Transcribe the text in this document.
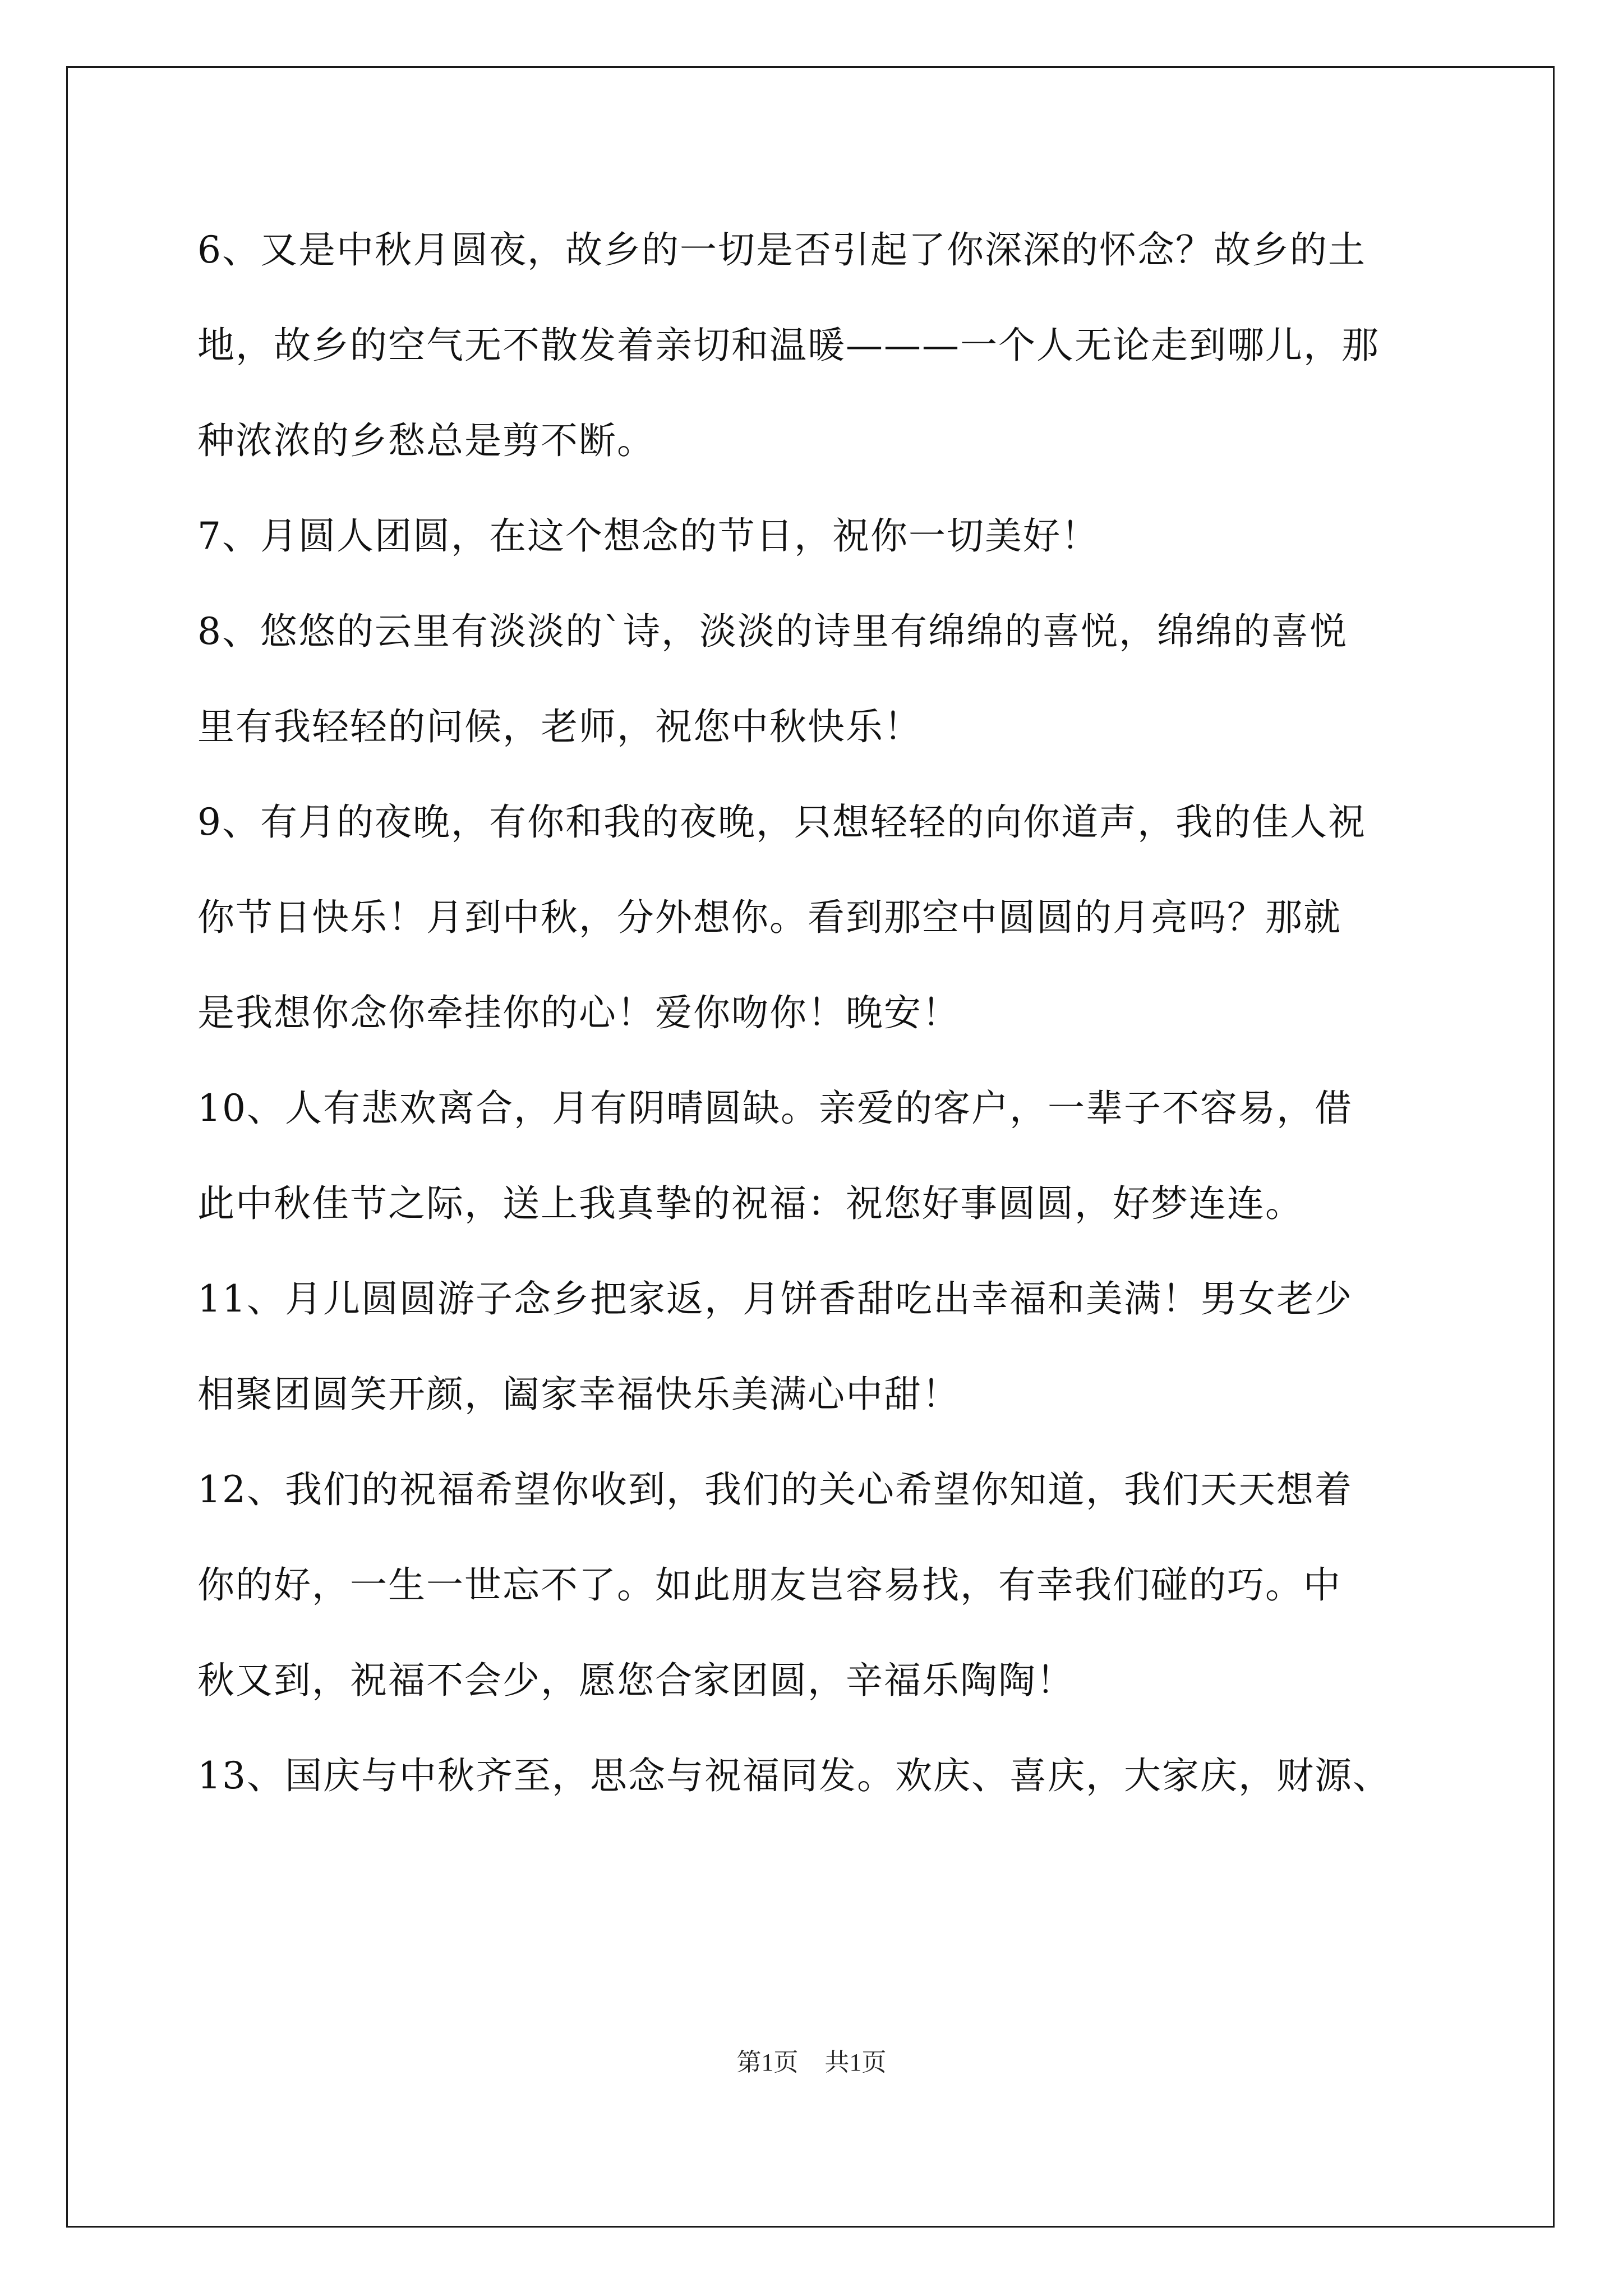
6、又是中秋月圆夜，故乡的一切是否引起了你深深的怀念？故乡的土
地，故乡的空气无不散发着亲切和温暖———一个人无论走到哪儿，那
种浓浓的乡愁总是剪不断。
7、月圆人团圆，在这个想念的节日，祝你一切美好！
8、悠悠的云里有淡淡的`诗，淡淡的诗里有绵绵的喜悦，绵绵的喜悦
里有我轻轻的问候，老师，祝您中秋快乐！
9、有月的夜晚，有你和我的夜晚，只想轻轻的向你道声，我的佳人祝
你节日快乐！月到中秋，分外想你。看到那空中圆圆的月亮吗？那就
是我想你念你牵挂你的心！爱你吻你！晚安！
10、人有悲欢离合，月有阴晴圆缺。亲爱的客户，一辈子不容易，借
此中秋佳节之际，送上我真挚的祝福：祝您好事圆圆，好梦连连。
11、月儿圆圆游子念乡把家返，月饼香甜吃出幸福和美满！男女老少
相聚团圆笑开颜，阖家幸福快乐美满心中甜！
12、我们的祝福希望你收到，我们的关心希望你知道，我们天天想着
你的好，一生一世忘不了。如此朋友岂容易找，有幸我们碰的巧。中
秋又到，祝福不会少，愿您合家团圆，辛福乐陶陶！
13、国庆与中秋齐至，思念与祝福同发。欢庆、喜庆，大家庆，财源、
第1页 共1页
